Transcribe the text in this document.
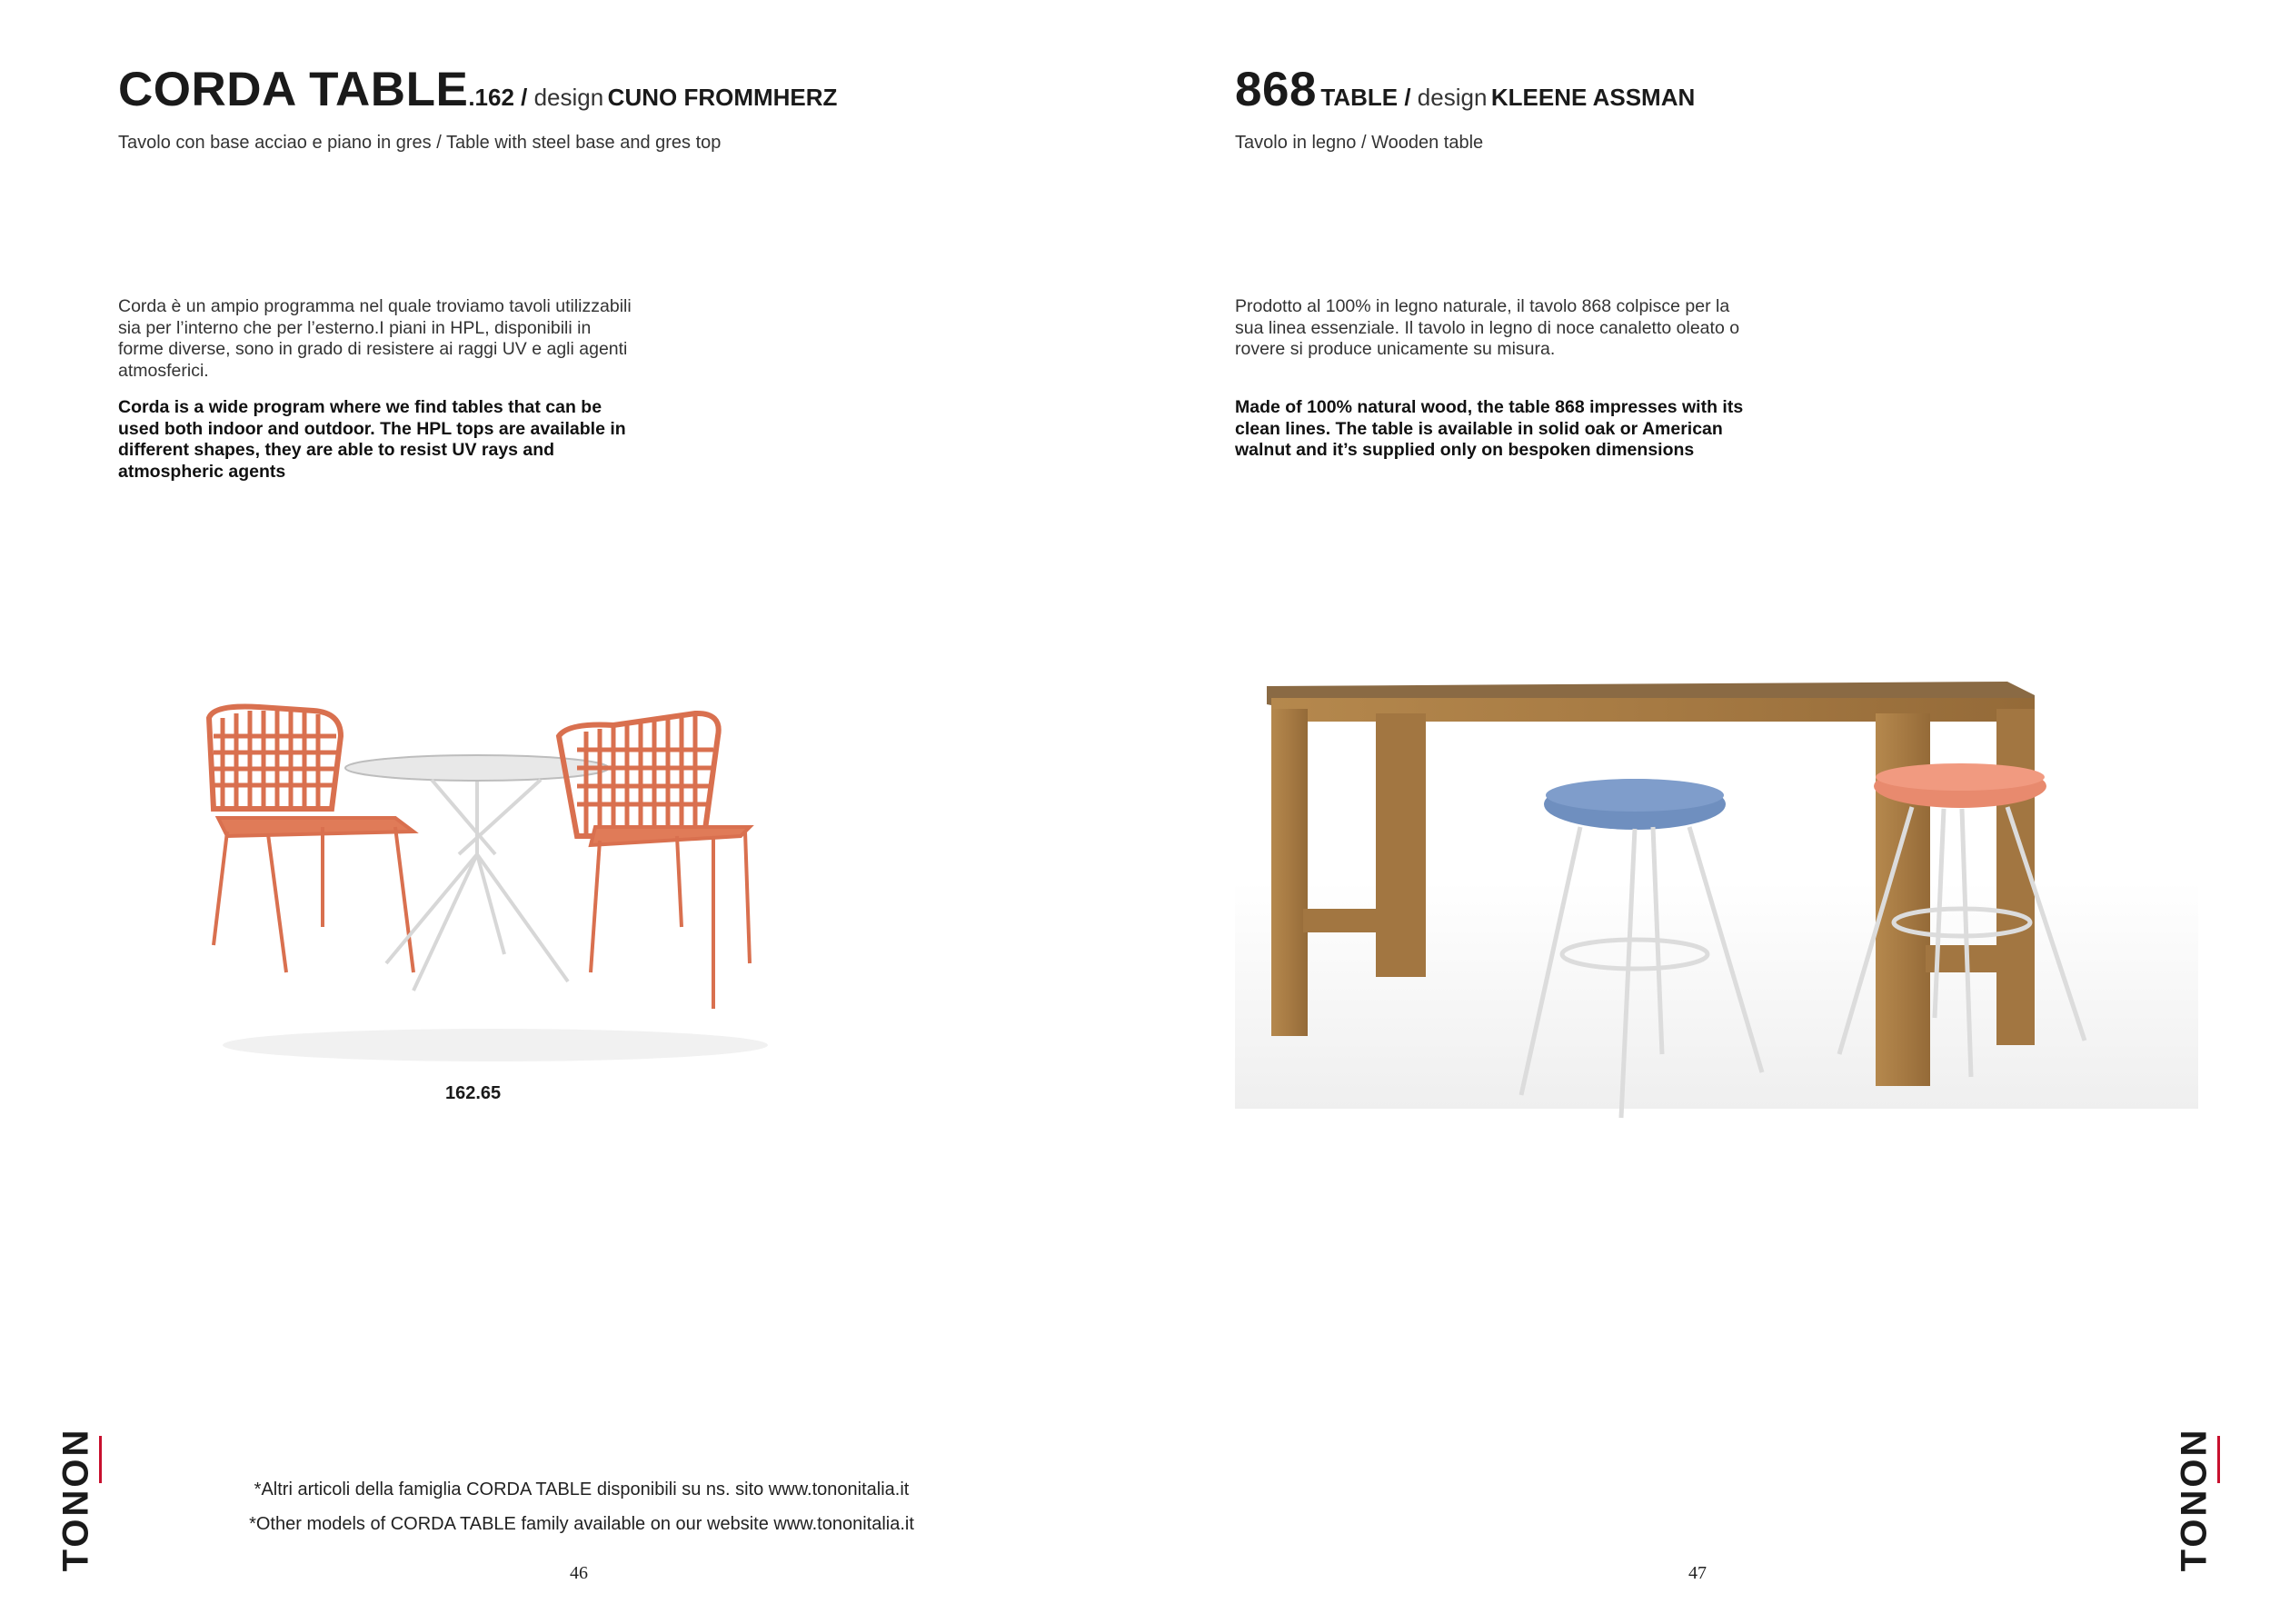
CORDA TABLE.162 / design CUNO FROMMHERZ
Tavolo con base acciao e piano in gres / Table with steel base and gres top

Corda è un ampio programma nel quale troviamo tavoli utilizzabili sia per l’interno che per l’esterno.I piani in HPL, disponibili in forme diverse, sono in grado di resistere ai raggi UV e agli agenti atmosferici.

Corda is a wide program where we find tables that can be used both indoor and outdoor. The HPL tops are available in different shapes, they are able to resist UV rays and atmospheric agents

162.65
*Altri articoli della famiglia CORDA TABLE disponibili su ns. sito www.tononitalia.it
*Other models of CORDA TABLE family available on our website www.tononitalia.it
46
TONON
868 TABLE / design KLEENE ASSMAN
Tavolo in legno / Wooden table

Prodotto al 100% in legno naturale, il tavolo 868 colpisce per la sua linea essenziale. Il tavolo in legno di noce canaletto oleato o rovere si produce unicamente su misura.

Made of 100% natural wood, the table 868 impresses with its clean lines. The table is available in solid oak or American walnut and it’s supplied only on bespoken dimensions

47
TONON
